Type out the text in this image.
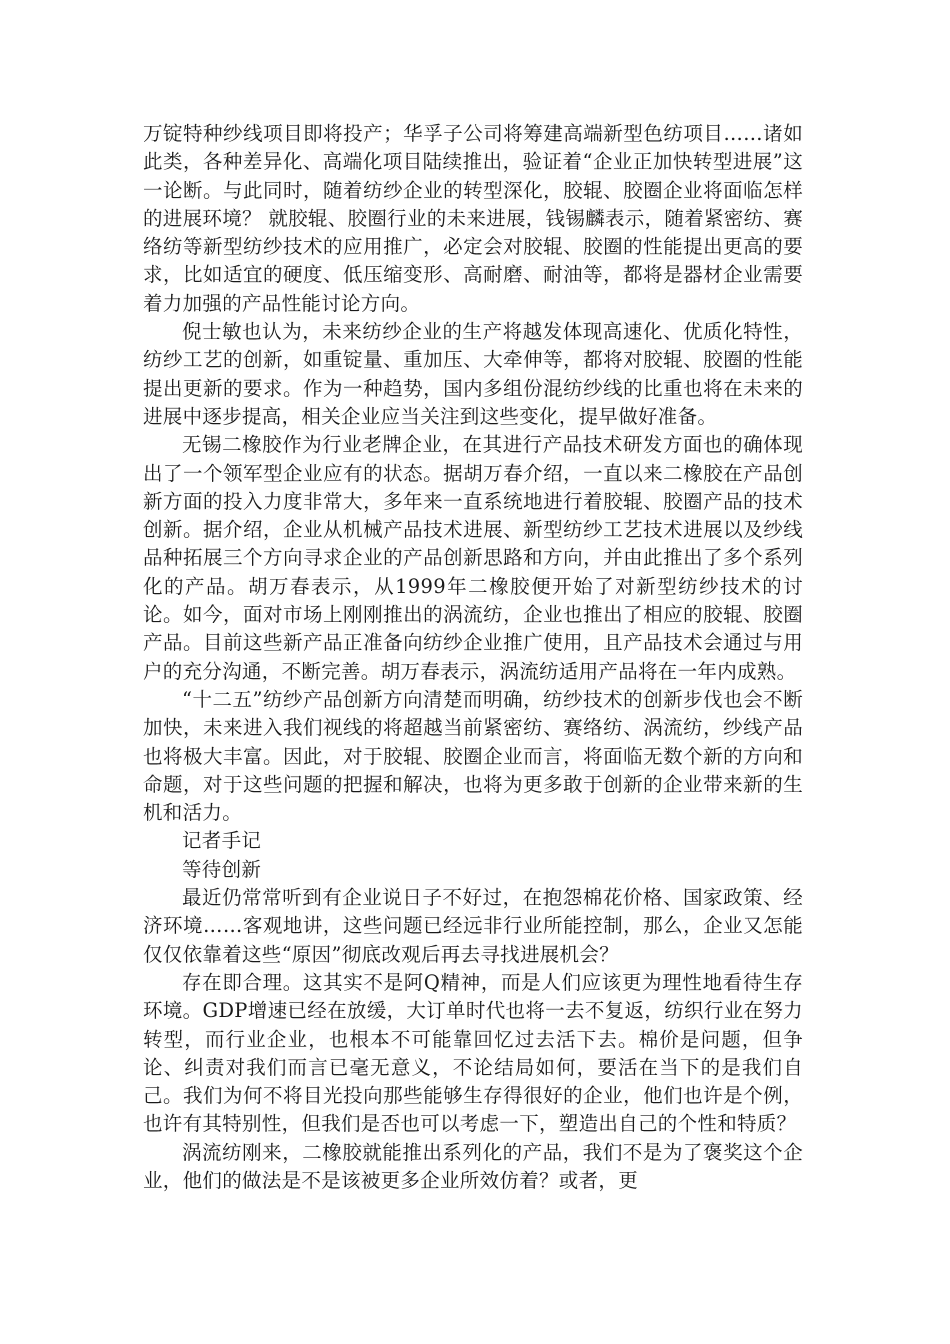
万锭特种纱线项目即将投产；华孚子公司将筹建高端新型色纺项目……诸如此类，各种差异化、高端化项目陆续推出，验证着“企业正加快转型进展”这一论断。与此同时，随着纺纱企业的转型深化，胶辊、胶圈企业将面临怎样的进展环境？ 就胶辊、胶圈行业的未来进展，钱锡麟表示，随着紧密纺、赛络纺等新型纺纱技术的应用推广，必定会对胶辊、胶圈的性能提出更高的要求，比如适宜的硬度、低压缩变形、高耐磨、耐油等，都将是器材企业需要着力加强的产品性能讨论方向。

倪士敏也认为，未来纺纱企业的生产将越发体现高速化、优质化特性，纺纱工艺的创新，如重锭量、重加压、大牵伸等，都将对胶辊、胶圈的性能提出更新的要求。作为一种趋势，国内多组份混纺纱线的比重也将在未来的进展中逐步提高，相关企业应当关注到这些变化，提早做好准备。

无锡二橡胶作为行业老牌企业，在其进行产品技术研发方面也的确体现出了一个领军型企业应有的状态。据胡万春介绍，一直以来二橡胶在产品创新方面的投入力度非常大，多年来一直系统地进行着胶辊、胶圈产品的技术创新。据介绍，企业从机械产品技术进展、新型纺纱工艺技术进展以及纱线品种拓展三个方向寻求企业的产品创新思路和方向，并由此推出了多个系列化的产品。胡万春表示，从1999年二橡胶便开始了对新型纺纱技术的讨论。如今，面对市场上刚刚推出的涡流纺，企业也推出了相应的胶辊、胶圈产品。目前这些新产品正准备向纺纱企业推广使用，且产品技术会通过与用户的充分沟通，不断完善。胡万春表示，涡流纺适用产品将在一年内成熟。

“十二五”纺纱产品创新方向清楚而明确，纺纱技术的创新步伐也会不断加快，未来进入我们视线的将超越当前紧密纺、赛络纺、涡流纺，纱线产品也将极大丰富。因此，对于胶辊、胶圈企业而言，将面临无数个新的方向和命题，对于这些问题的把握和解决，也将为更多敢于创新的企业带来新的生机和活力。

记者手记

等待创新

最近仍常常听到有企业说日子不好过，在抱怨棉花价格、国家政策、经济环境……客观地讲，这些问题已经远非行业所能控制，那么，企业又怎能仅仅依靠着这些“原因”彻底改观后再去寻找进展机会？

存在即合理。这其实不是阿Q精神，而是人们应该更为理性地看待生存环境。GDP增速已经在放缓，大订单时代也将一去不复返，纺织行业在努力转型，而行业企业，也根本不可能靠回忆过去活下去。棉价是问题，但争论、纠责对我们而言已毫无意义，不论结局如何，要活在当下的是我们自己。我们为何不将目光投向那些能够生存得很好的企业，他们也许是个例，也许有其特别性，但我们是否也可以考虑一下，塑造出自己的个性和特质？

涡流纺刚来，二橡胶就能推出系列化的产品，我们不是为了褒奖这个企业，他们的做法是不是该被更多企业所效仿着？或者，更
